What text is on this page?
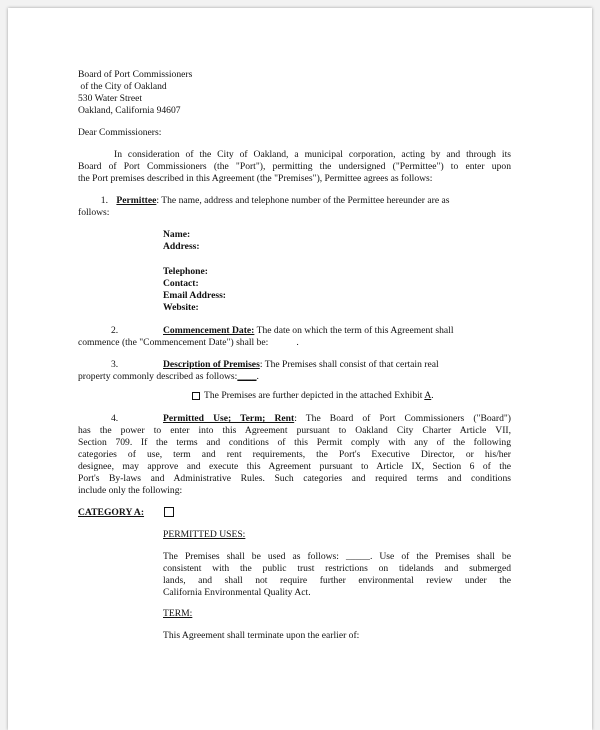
Board of Port Commissioners
of the City of Oakland
530 Water Street
Oakland, California 94607
Dear Commissioners:
In consideration of the City of Oakland, a municipal corporation, acting by and through its
Board of Port Commissioners (the "Port"), permitting the undersigned ("Permittee") to enter upon
the Port premises described in this Agreement (the "Premises"), Permittee agrees as follows:
1. Permittee: The name, address and telephone number of the Permittee hereunder are as
follows:
Name:
Address:
Telephone:
Contact:
Email Address:
Website:
2.	Commencement Date: The date on which the term of this Agreement shall
commence (the "Commencement Date") shall be:	.
3.	Description of Premises: The Premises shall consist of that certain real
property commonly described as follows:____.
The Premises are further depicted in the attached Exhibit A.
4.	Permitted Use; Term; Rent: The Board of Port Commissioners ("Board")
has the power to enter into this Agreement pursuant to Oakland City Charter Article VII,
Section 709. If the terms and conditions of this Permit comply with any of the following
categories of use, term and rent requirements, the Port's Executive Director, or his/her
designee, may approve and execute this Agreement pursuant to Article IX, Section 6 of the
Port's By-laws and Administrative Rules. Such categories and required terms and conditions
include only the following:
CATEGORY A:
PERMITTED USES:
The Premises shall be used as follows: _____. Use of the Premises shall be
consistent with the public trust restrictions on tidelands and submerged
lands, and shall not require further environmental review under the
California Environmental Quality Act.
TERM:
This Agreement shall terminate upon the earlier of:
